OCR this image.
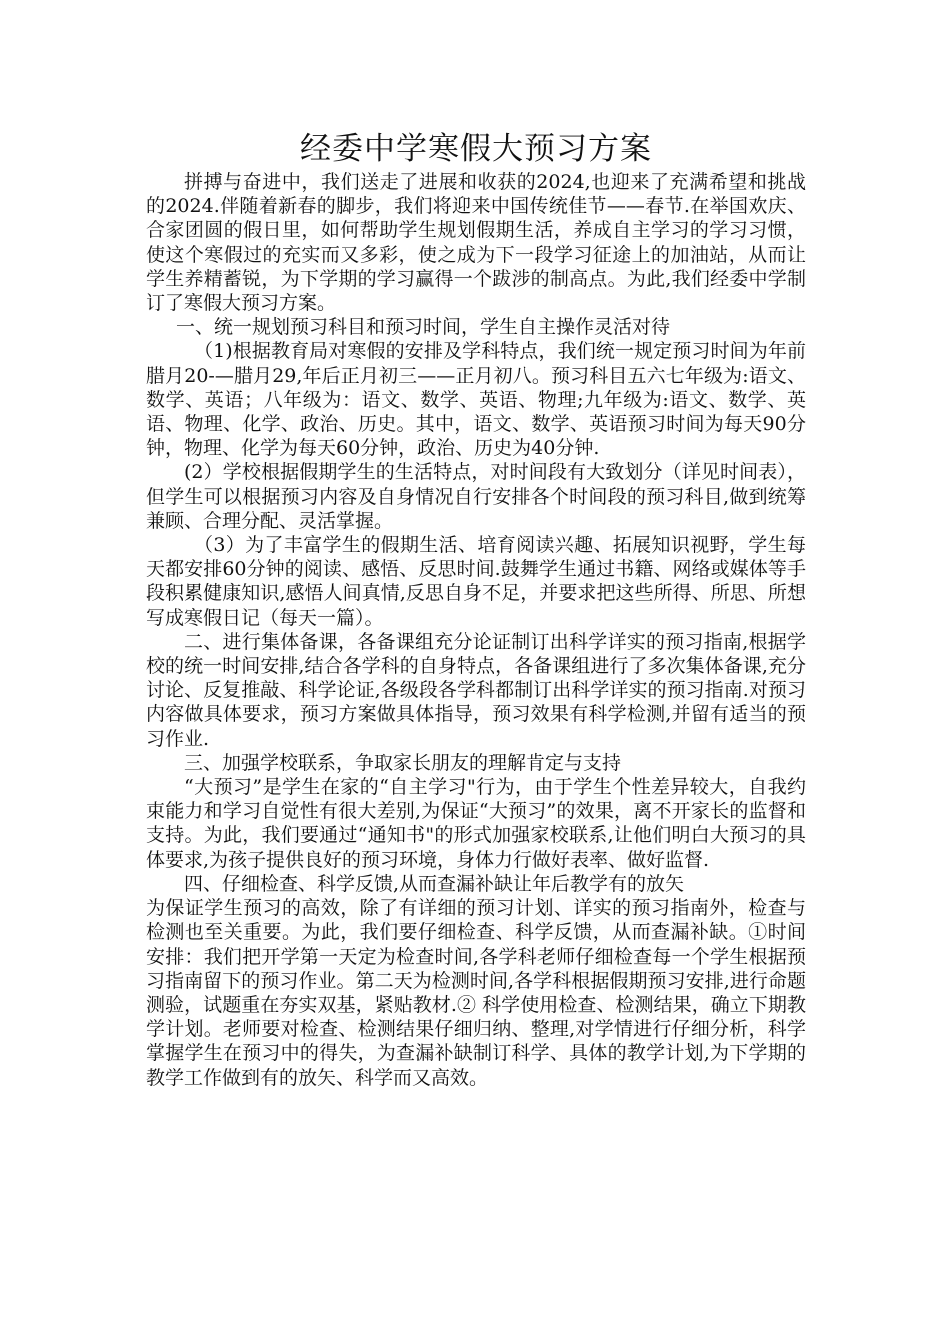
经委中学寒假大预习方案

拼搏与奋进中，我们送走了进展和收获的2024,也迎来了充满希望和挑战的2024.伴随着新春的脚步，我们将迎来中国传统佳节——春节.在举国欢庆、合家团圆的假日里，如何帮助学生规划假期生活，养成自主学习的学习习惯，使这个寒假过的充实而又多彩，使之成为下一段学习征途上的加油站，从而让学生养精蓄锐，为下学期的学习赢得一个跋涉的制高点。为此,我们经委中学制订了寒假大预习方案。

一、统一规划预习科目和预习时间，学生自主操作灵活对待

（1)根据教育局对寒假的安排及学科特点，我们统一规定预习时间为年前腊月20-—腊月29,年后正月初三——正月初八。预习科目五六七年级为:语文、数学、英语；八年级为：语文、数学、英语、物理;九年级为:语文、数学、英语、物理、化学、政治、历史。其中，语文、数学、英语预习时间为每天90分钟，物理、化学为每天60分钟，政治、历史为40分钟.

(2）学校根据假期学生的生活特点，对时间段有大致划分（详见时间表），但学生可以根据预习内容及自身情况自行安排各个时间段的预习科目,做到统筹兼顾、合理分配、灵活掌握。

（3）为了丰富学生的假期生活、培育阅读兴趣、拓展知识视野，学生每天都安排60分钟的阅读、感悟、反思时间.鼓舞学生通过书籍、网络或媒体等手段积累健康知识,感悟人间真情,反思自身不足，并要求把这些所得、所思、所想写成寒假日记（每天一篇）。

二、进行集体备课，各备课组充分论证制订出科学详实的预习指南,根据学校的统一时间安排,结合各学科的自身特点，各备课组进行了多次集体备课,充分讨论、反复推敲、科学论证,各级段各学科都制订出科学详实的预习指南.对预习内容做具体要求，预习方案做具体指导，预习效果有科学检测,并留有适当的预习作业.

三、加强学校联系，争取家长朋友的理解肯定与支持

“大预习”是学生在家的“自主学习"行为，由于学生个性差异较大，自我约束能力和学习自觉性有很大差别,为保证“大预习”的效果，离不开家长的监督和支持。为此，我们要通过“通知书"的形式加强家校联系,让他们明白大预习的具体要求,为孩子提供良好的预习环境，身体力行做好表率、做好监督.

四、仔细检查、科学反馈,从而查漏补缺让年后教学有的放矢

为保证学生预习的高效，除了有详细的预习计划、详实的预习指南外，检查与检测也至关重要。为此，我们要仔细检查、科学反馈，从而查漏补缺。①时间安排：我们把开学第一天定为检查时间,各学科老师仔细检查每一个学生根据预习指南留下的预习作业。第二天为检测时间,各学科根据假期预习安排,进行命题测验，试题重在夯实双基，紧贴教材.② 科学使用检查、检测结果，确立下期教学计划。老师要对检查、检测结果仔细归纳、整理,对学情进行仔细分析，科学掌握学生在预习中的得失，为查漏补缺制订科学、具体的教学计划,为下学期的教学工作做到有的放矢、科学而又高效。
